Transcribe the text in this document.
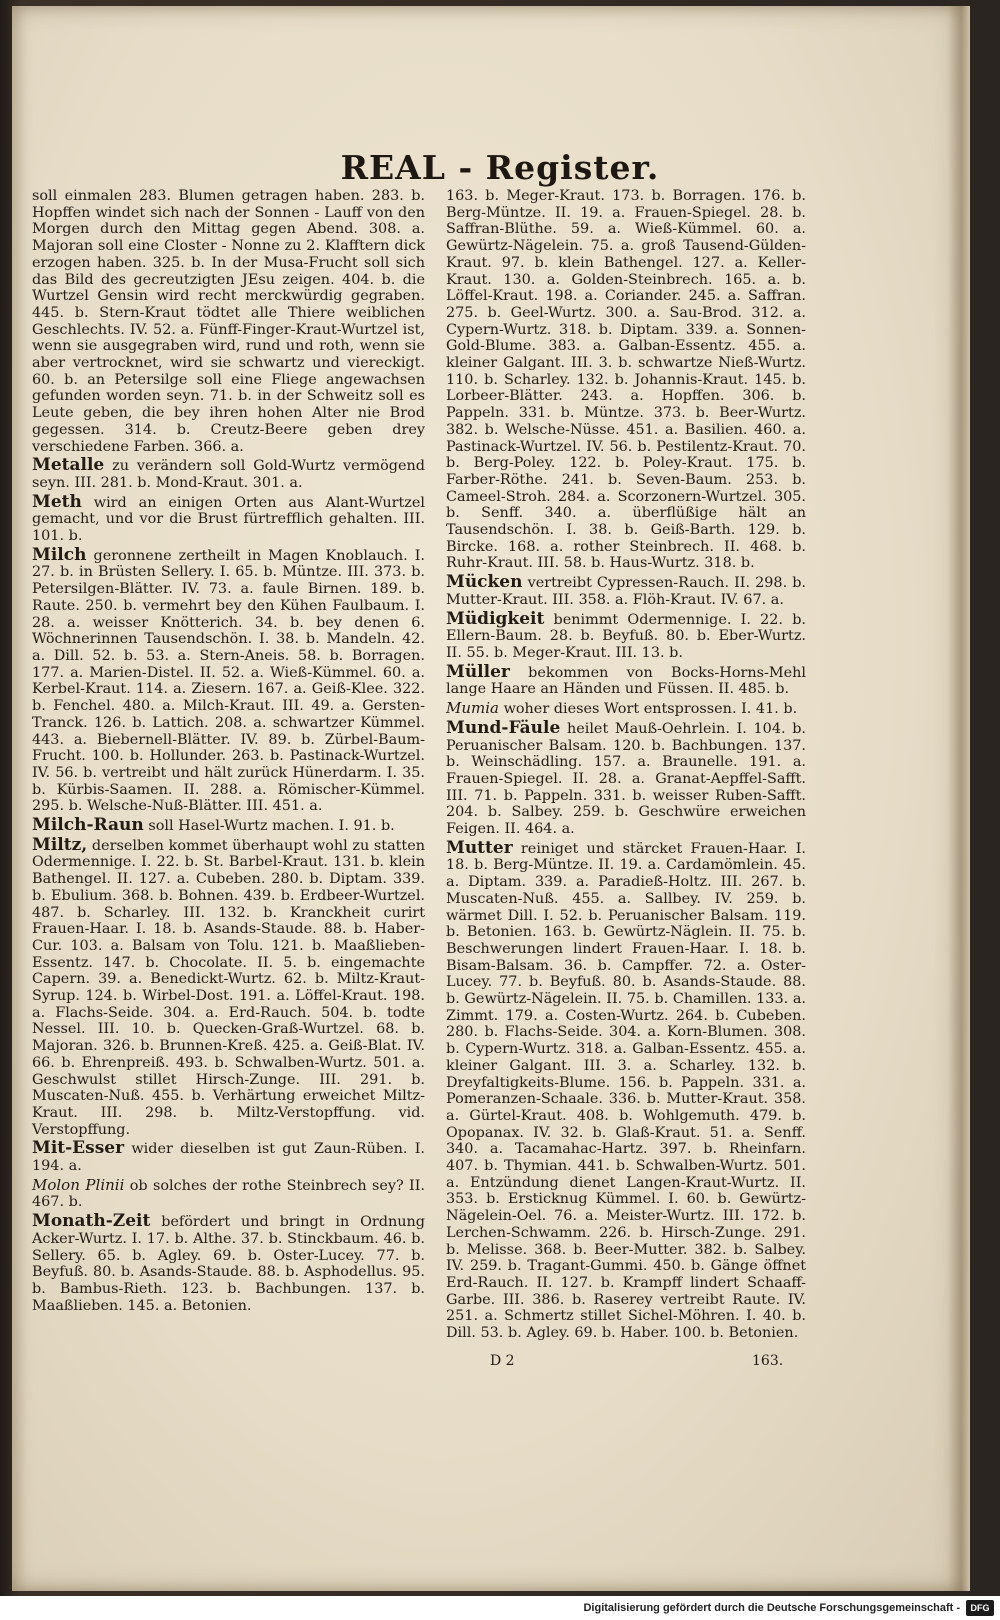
REAL - Register.

soll einmalen 283. Blumen getragen haben. 283. b. Hopffen windet sich nach der Sonnen - Lauff von den Morgen durch den Mittag gegen Abend. 308. a. Majoran soll eine Closter - Nonne zu 2. Klafftern dick erzogen haben. 325. b. In der Musa-Frucht soll sich das Bild des gecreutzigten JEsu zeigen. 404. b. die Wurtzel Gensin wird recht merckwürdig gegraben. 445. b. Stern-Kraut tödtet alle Thiere weiblichen Geschlechts. IV. 52. a. Fünff-Finger-Kraut-Wurtzel ist, wenn sie ausgegraben wird, rund und roth, wenn sie aber vertrocknet, wird sie schwartz und viereckigt. 60. b. an Petersilge soll eine Fliege angewachsen gefunden worden seyn. 71. b. in der Schweitz soll es Leute geben, die bey ihren hohen Alter nie Brod gegessen. 314. b. Creutz-Beere geben drey verschiedene Farben. 366. a.

Metalle zu verändern soll Gold-Wurtz vermögend seyn. III. 281. b. Mond-Kraut. 301. a.

Meth wird an einigen Orten aus Alant-Wurtzel gemacht, und vor die Brust fürtrefflich gehalten. III. 101. b.

Milch geronnene zertheilt in Magen Knoblauch. I. 27. b. in Brüsten Sellery. I. 65. b. Müntze. III. 373. b. Petersilgen-Blätter. IV. 73. a. faule Birnen. 189. b. Raute. 250. b. vermehrt bey den Kühen Faulbaum. I. 28. a. weisser Knötterich. 34. b. bey denen 6. Wöchnerinnen Tausendschön. I. 38. b. Mandeln. 42. a. Dill. 52. b. 53. a. Stern-Aneis. 58. b. Borragen. 177. a. Marien-Distel. II. 52. a. Wieß-Kümmel. 60. a. Kerbel-Kraut. 114. a. Ziesern. 167. a. Geiß-Klee. 322. b. Fenchel. 480. a. Milch-Kraut. III. 49. a. Gersten-Tranck. 126. b. Lattich. 208. a. schwartzer Kümmel. 443. a. Biebernell-Blätter. IV. 89. b. Zürbel-Baum-Frucht. 100. b. Hollunder. 263. b. Pastinack-Wurtzel. IV. 56. b. vertreibt und hält zurück Hünerdarm. I. 35. b. Kürbis-Saamen. II. 288. a. Römischer-Kümmel. 295. b. Welsche-Nuß-Blätter. III. 451. a.

Milch-Raun soll Hasel-Wurtz machen. I. 91. b.

Miltz, derselben kommet überhaupt wohl zu statten Odermennige. I. 22. b. St. Barbel-Kraut. 131. b. klein Bathengel. II. 127. a. Cubeben. 280. b. Diptam. 339. b. Ebulium. 368. b. Bohnen. 439. b. Erdbeer-Wurtzel. 487. b. Scharley. III. 132. b. Kranckheit curirt Frauen-Haar. I. 18. b. Asands-Staude. 88. b. Haber-Cur. 103. a. Balsam von Tolu. 121. b. Maaßlieben-Essentz. 147. b. Chocolate. II. 5. b. eingemachte Capern. 39. a. Benedickt-Wurtz. 62. b. Miltz-Kraut-Syrup. 124. b. Wirbel-Dost. 191. a. Löffel-Kraut. 198. a. Flachs-Seide. 304. a. Erd-Rauch. 504. b. todte Nessel. III. 10. b. Quecken-Graß-Wurtzel. 68. b. Majoran. 326. b. Brunnen-Kreß. 425. a. Geiß-Blat. IV. 66. b. Ehrenpreiß. 493. b. Schwalben-Wurtz. 501. a. Geschwulst stillet Hirsch-Zunge. III. 291. b. Muscaten-Nuß. 455. b. Verhärtung erweichet Miltz-Kraut. III. 298. b. Miltz-Verstopffung. vid. Verstopffung.

Mit-Esser wider dieselben ist gut Zaun-Rüben. I. 194. a.

Molon Plinii ob solches der rothe Steinbrech sey? II. 467. b.

Monath-Zeit befördert und bringt in Ordnung Acker-Wurtz. I. 17. b. Althe. 37. b. Stinckbaum. 46. b. Sellery. 65. b. Agley. 69. b. Oster-Lucey. 77. b. Beyfuß. 80. b. Asands-Staude. 88. b. Asphodellus. 95. b. Bambus-Rieth. 123. b. Bachbungen. 137. b. Maaßlieben. 145. a. Betonien.

163. b. Meger-Kraut. 173. b. Borragen. 176. b. Berg-Müntze. II. 19. a. Frauen-Spiegel. 28. b. Saffran-Blüthe. 59. a. Wieß-Kümmel. 60. a. Gewürtz-Nägelein. 75. a. groß Tausend-Gülden-Kraut. 97. b. klein Bathengel. 127. a. Keller-Kraut. 130. a. Golden-Steinbrech. 165. a. b. Löffel-Kraut. 198. a. Coriander. 245. a. Saffran. 275. b. Geel-Wurtz. 300. a. Sau-Brod. 312. a. Cypern-Wurtz. 318. b. Diptam. 339. a. Sonnen-Gold-Blume. 383. a. Galban-Essentz. 455. a. kleiner Galgant. III. 3. b. schwartze Nieß-Wurtz. 110. b. Scharley. 132. b. Johannis-Kraut. 145. b. Lorbeer-Blätter. 243. a. Hopffen. 306. b. Pappeln. 331. b. Müntze. 373. b. Beer-Wurtz. 382. b. Welsche-Nüsse. 451. a. Basilien. 460. a. Pastinack-Wurtzel. IV. 56. b. Pestilentz-Kraut. 70. b. Berg-Poley. 122. b. Poley-Kraut. 175. b. Farber-Röthe. 241. b. Seven-Baum. 253. b. Cameel-Stroh. 284. a. Scorzonern-Wurtzel. 305. b. Senff. 340. a. überflüßige hält an Tausendschön. I. 38. b. Geiß-Barth. 129. b. Bircke. 168. a. rother Steinbrech. II. 468. b. Ruhr-Kraut. III. 58. b. Haus-Wurtz. 318. b.

Mücken vertreibt Cypressen-Rauch. II. 298. b. Mutter-Kraut. III. 358. a. Flöh-Kraut. IV. 67. a.

Müdigkeit benimmt Odermennige. I. 22. b. Ellern-Baum. 28. b. Beyfuß. 80. b. Eber-Wurtz. II. 55. b. Meger-Kraut. III. 13. b.

Müller bekommen von Bocks-Horns-Mehl lange Haare an Händen und Füssen. II. 485. b.

Mumia woher dieses Wort entsprossen. I. 41. b.

Mund-Fäule heilet Mauß-Oehrlein. I. 104. b. Peruanischer Balsam. 120. b. Bachbungen. 137. b. Weinschädling. 157. a. Braunelle. 191. a. Frauen-Spiegel. II. 28. a. Granat-Aepffel-Safft. III. 71. b. Pappeln. 331. b. weisser Ruben-Safft. 204. b. Salbey. 259. b. Geschwüre erweichen Feigen. II. 464. a.

Mutter reiniget und stärcket Frauen-Haar. I. 18. b. Berg-Müntze. II. 19. a. Cardamömlein. 45. a. Diptam. 339. a. Paradieß-Holtz. III. 267. b. Muscaten-Nuß. 455. a. Sallbey. IV. 259. b. wärmet Dill. I. 52. b. Peruanischer Balsam. 119. b. Betonien. 163. b. Gewürtz-Näglein. II. 75. b. Beschwerungen lindert Frauen-Haar. I. 18. b. Bisam-Balsam. 36. b. Campffer. 72. a. Oster-Lucey. 77. b. Beyfuß. 80. b. Asands-Staude. 88. b. Gewürtz-Nägelein. II. 75. b. Chamillen. 133. a. Zimmt. 179. a. Costen-Wurtz. 264. b. Cubeben. 280. b. Flachs-Seide. 304. a. Korn-Blumen. 308. b. Cypern-Wurtz. 318. a. Galban-Essentz. 455. a. kleiner Galgant. III. 3. a. Scharley. 132. b. Dreyfaltigkeits-Blume. 156. b. Pappeln. 331. a. Pomeranzen-Schaale. 336. b. Mutter-Kraut. 358. a. Gürtel-Kraut. 408. b. Wohlgemuth. 479. b. Opopanax. IV. 32. b. Glaß-Kraut. 51. a. Senff. 340. a. Tacamahac-Hartz. 397. b. Rheinfarn. 407. b. Thymian. 441. b. Schwalben-Wurtz. 501. a. Entzündung dienet Langen-Kraut-Wurtz. II. 353. b. Ersticknug Kümmel. I. 60. b. Gewürtz-Nägelein-Oel. 76. a. Meister-Wurtz. III. 172. b. Lerchen-Schwamm. 226. b. Hirsch-Zunge. 291. b. Melisse. 368. b. Beer-Mutter. 382. b. Salbey. IV. 259. b. Tragant-Gummi. 450. b. Gänge öffnet Erd-Rauch. II. 127. b. Krampff lindert Schaaff-Garbe. III. 386. b. Raserey vertreibt Raute. IV. 251. a. Schmertz stillet Sichel-Möhren. I. 40. b. Dill. 53. b. Agley. 69. b. Haber. 100. b. Betonien.

D 2	163.
Digitalisierung gefördert durch die Deutsche Forschungsgemeinschaft -	DFG
